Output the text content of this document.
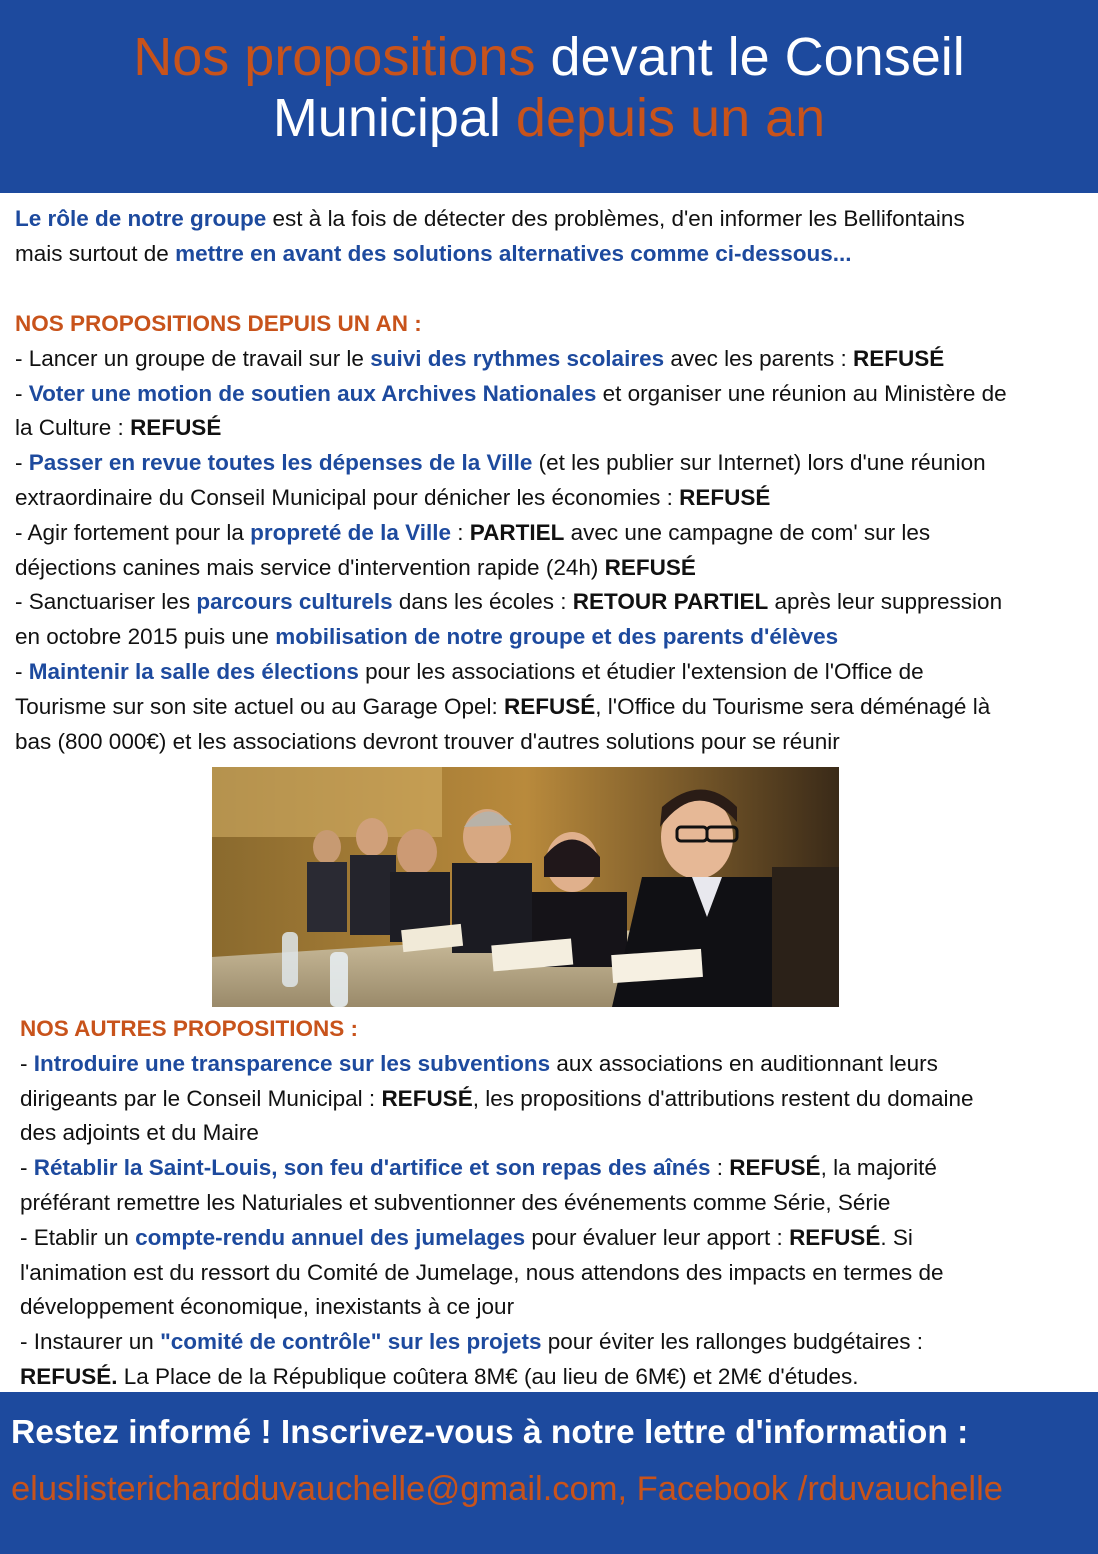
Nos propositions devant le Conseil
Municipal depuis un an
Le rôle de notre groupe est à la fois de détecter des problèmes, d'en informer les Bellifontains
mais surtout de mettre en avant des solutions alternatives comme ci-dessous...
NOS PROPOSITIONS DEPUIS UN AN :
- Lancer un groupe de travail sur le suivi des rythmes scolaires avec les parents : REFUSÉ
- Voter une motion de soutien aux Archives Nationales et organiser une réunion au Ministère de
la Culture : REFUSÉ
- Passer en revue toutes les dépenses de la Ville (et les publier sur Internet) lors d'une réunion
extraordinaire du Conseil Municipal pour dénicher les économies : REFUSÉ
- Agir fortement pour la propreté de la Ville : PARTIEL avec une campagne de com' sur les
déjections canines mais service d'intervention rapide (24h) REFUSÉ
- Sanctuariser les parcours culturels dans les écoles : RETOUR PARTIEL après leur suppression
en octobre 2015 puis une mobilisation de notre groupe et des parents d'élèves
- Maintenir la salle des élections pour les associations et étudier l'extension de l'Office de
Tourisme sur son site actuel ou au Garage Opel: REFUSÉ, l'Office du Tourisme sera déménagé là
bas (800 000€) et les associations devront trouver d'autres solutions pour se réunir
NOS AUTRES PROPOSITIONS :
- Introduire une transparence sur les subventions aux associations en auditionnant leurs
dirigeants par le Conseil Municipal : REFUSÉ, les propositions d'attributions restent du domaine
des adjoints et du Maire
- Rétablir la Saint-Louis, son feu d'artifice et son repas des aînés : REFUSÉ, la majorité
préférant remettre les Naturiales et subventionner des événements comme Série, Série
- Etablir un compte-rendu annuel des jumelages pour évaluer leur apport : REFUSÉ. Si
l'animation est du ressort du Comité de Jumelage, nous attendons des impacts en termes de
développement économique, inexistants à ce jour
- Instaurer un "comité de contrôle" sur les projets pour éviter les rallonges budgétaires :
REFUSÉ. La Place de la République coûtera 8M€ (au lieu de 6M€) et 2M€ d'études.
Restez informé ! Inscrivez-vous à notre lettre d'information :
eluslisterichardduvauchelle@gmail.com, Facebook /rduvauchelle
